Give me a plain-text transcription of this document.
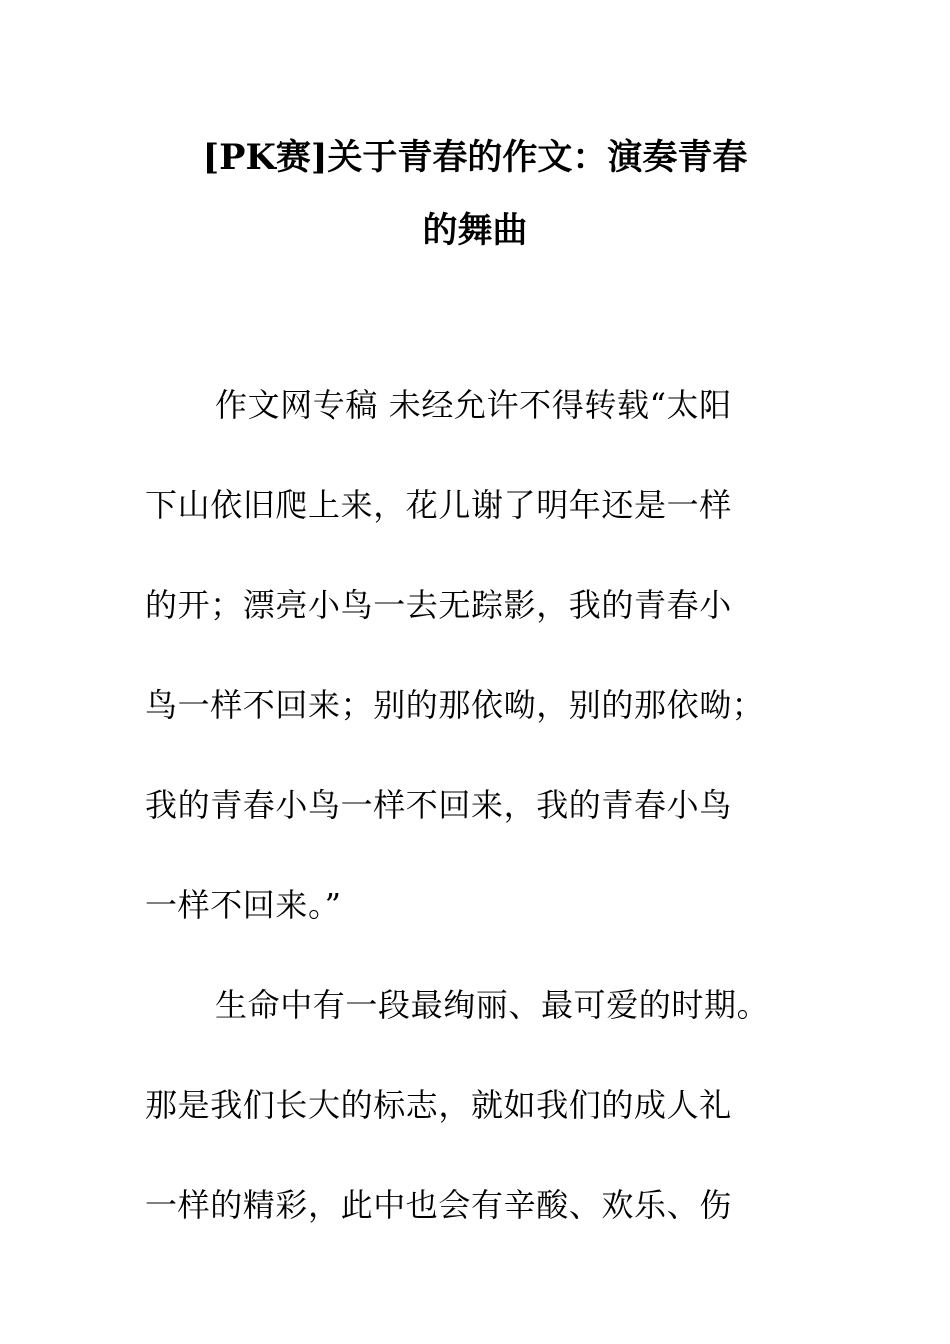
[PK赛]关于青春的作文：演奏青春
的舞曲

作文网专稿 未经允许不得转载“太阳

下山依旧爬上来，花儿谢了明年还是一样

的开；漂亮小鸟一去无踪影，我的青春小

鸟一样不回来；别的那依呦，别的那依呦；

我的青春小鸟一样不回来，我的青春小鸟

一样不回来。”

生命中有一段最绚丽、最可爱的时期。

那是我们长大的标志，就如我们的成人礼

一样的精彩，此中也会有辛酸、欢乐、伤
